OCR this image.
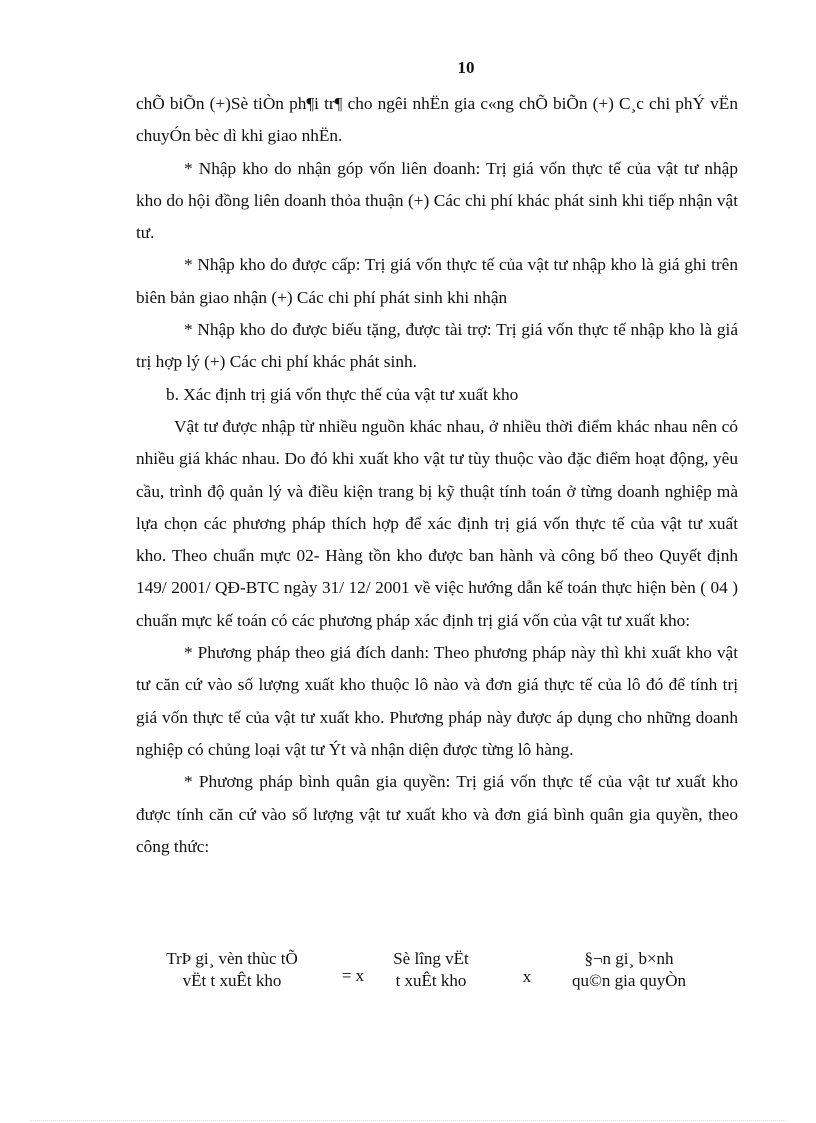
10

chÕ biÕn (+)Sè tiÒn ph¶i tr¶ cho ngêi nhËn gia c«ng chÕ biÕn (+) C¸c chi phÝ vËn chuyÓn bèc dì khi giao nhËn.

* Nhập kho do nhận góp vốn liên doanh: Trị giá vốn thực tế của vật tư nhập kho do hội đồng liên doanh thỏa thuận (+) Các chi phí khác phát sinh khi tiếp nhận vật tư.

* Nhập kho do được cấp: Trị giá vốn thực tế của vật tư nhập kho là giá ghi trên biên bản giao nhận (+) Các chi phí phát sinh khi nhận

* Nhập kho do được biếu tặng, được tài trợ: Trị giá vốn thực tế nhập kho là giá trị hợp lý (+) Các chi phí khác phát sinh.

b. Xác định trị giá vốn thực thế của vật tư xuất kho

Vật tư được nhập từ nhiều nguồn khác nhau, ở nhiều thời điểm khác nhau nên có nhiều giá khác nhau. Do đó khi xuất kho vật tư tùy thuộc vào đặc điểm hoạt động, yêu cầu, trình độ quản lý và điều kiện trang bị kỹ thuật tính toán ở từng doanh nghiệp mà lựa chọn các phương pháp thích hợp để xác định trị giá vốn thực tế của vật tư xuất kho. Theo chuẩn mực 02- Hàng tồn kho được ban hành và công bố theo Quyết định 149/ 2001/ QĐ-BTC ngày 31/ 12/ 2001 về việc hướng dẫn kế toán thực hiện bèn ( 04 ) chuẩn mực kế toán có các phương pháp xác định trị giá vốn của vật tư xuất kho:

* Phương pháp theo giá đích danh: Theo phương pháp này thì khi xuất kho vật tư căn cứ vào số lượng xuất kho thuộc lô nào và đơn giá thực tế của lô đó để tính trị giá vốn thực tế của vật tư xuất kho. Phương pháp này được áp dụng cho những doanh nghiệp có chủng loại vật tư Ýt và nhận diện được từng lô hàng.

* Phương pháp bình quân gia quyền: Trị giá vốn thực tế của vật tư xuất kho được tính căn cứ vào số lượng vật tư xuất kho và đơn giá bình quân gia quyền, theo công thức:

TrÞ gi¸ vèn thùc tÕ
vËt t xuÊt kho	= x
Sè lîng vËt
t xuÊt kho	x
§¬n gi¸ b×nh
qu©n gia quyÒn
